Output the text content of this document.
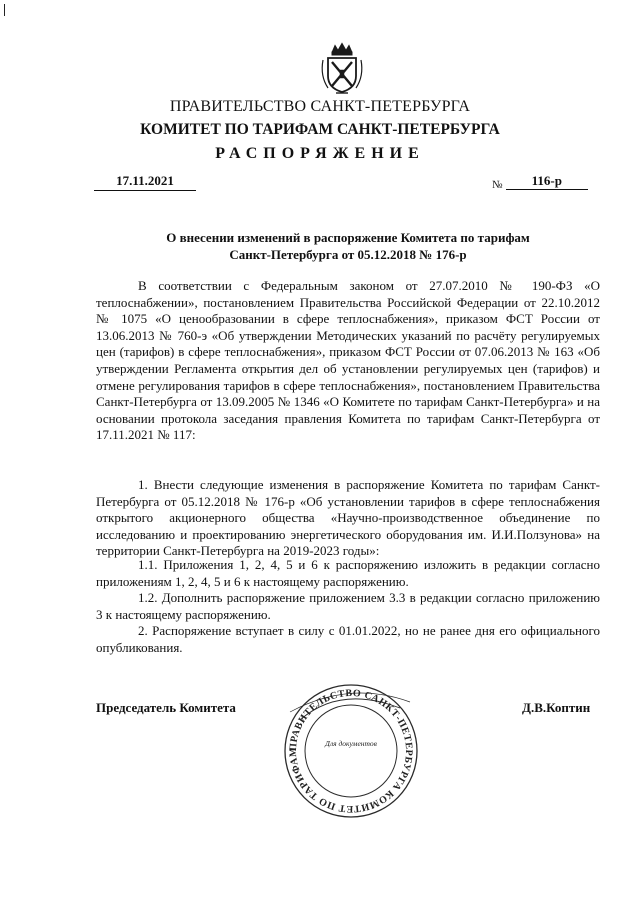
ПРАВИТЕЛЬСТВО САНКТ-ПЕТЕРБУРГА
КОМИТЕТ ПО ТАРИФАМ САНКТ-ПЕТЕРБУРГА
РАСПОРЯЖЕНИЕ
17.11.2021	$_№$ 116-р
О внесении изменений в распоряжение Комитета по тарифам
Санкт-Петербурга от 05.12.2018 № 176-р
В соответствии с Федеральным законом от 27.07.2010 № 190-ФЗ «О теплоснабжении», постановлением Правительства Российской Федерации от 22.10.2012 № 1075 «О ценообразовании в сфере теплоснабжения», приказом ФСТ России от 13.06.2013 № 760-э «Об утверждении Методических указаний по расчёту регулируемых цен (тарифов) в сфере теплоснабжения», приказом ФСТ России от 07.06.2013 № 163 «Об утверждении Регламента открытия дел об установлении регулируемых цен (тарифов) и отмене регулирования тарифов в сфере теплоснабжения», постановлением Правительства Санкт-Петербурга от 13.09.2005 № 1346 «О Комитете по тарифам Санкт-Петербурга» и на основании протокола заседания правления Комитета по тарифам Санкт-Петербурга от 17.11.2021 № 117:
1. Внести следующие изменения в распоряжение Комитета по тарифам Санкт-Петербурга от 05.12.2018 № 176-р «Об установлении тарифов в сфере теплоснабжения открытого акционерного общества «Научно-производственное объединение по исследованию и проектированию энергетического оборудования им. И.И.Ползунова» на территории Санкт-Петербурга на 2019-2023 годы»:
1.1. Приложения 1, 2, 4, 5 и 6 к распоряжению изложить в редакции согласно приложениям 1, 2, 4, 5 и 6 к настоящему распоряжению.
1.2. Дополнить распоряжение приложением 3.3 в редакции согласно приложению 3 к настоящему распоряжению.
2. Распоряжение вступает в силу с 01.01.2022, но не ранее дня его официального опубликования.
ПРАВИТЕЛЬСТВО САНКТ-ПЕТЕРБУРГА КОМИТЕТ ПО ТАРИФАМ
Для документов
Председатель Комитета	Д.В.Коптин
